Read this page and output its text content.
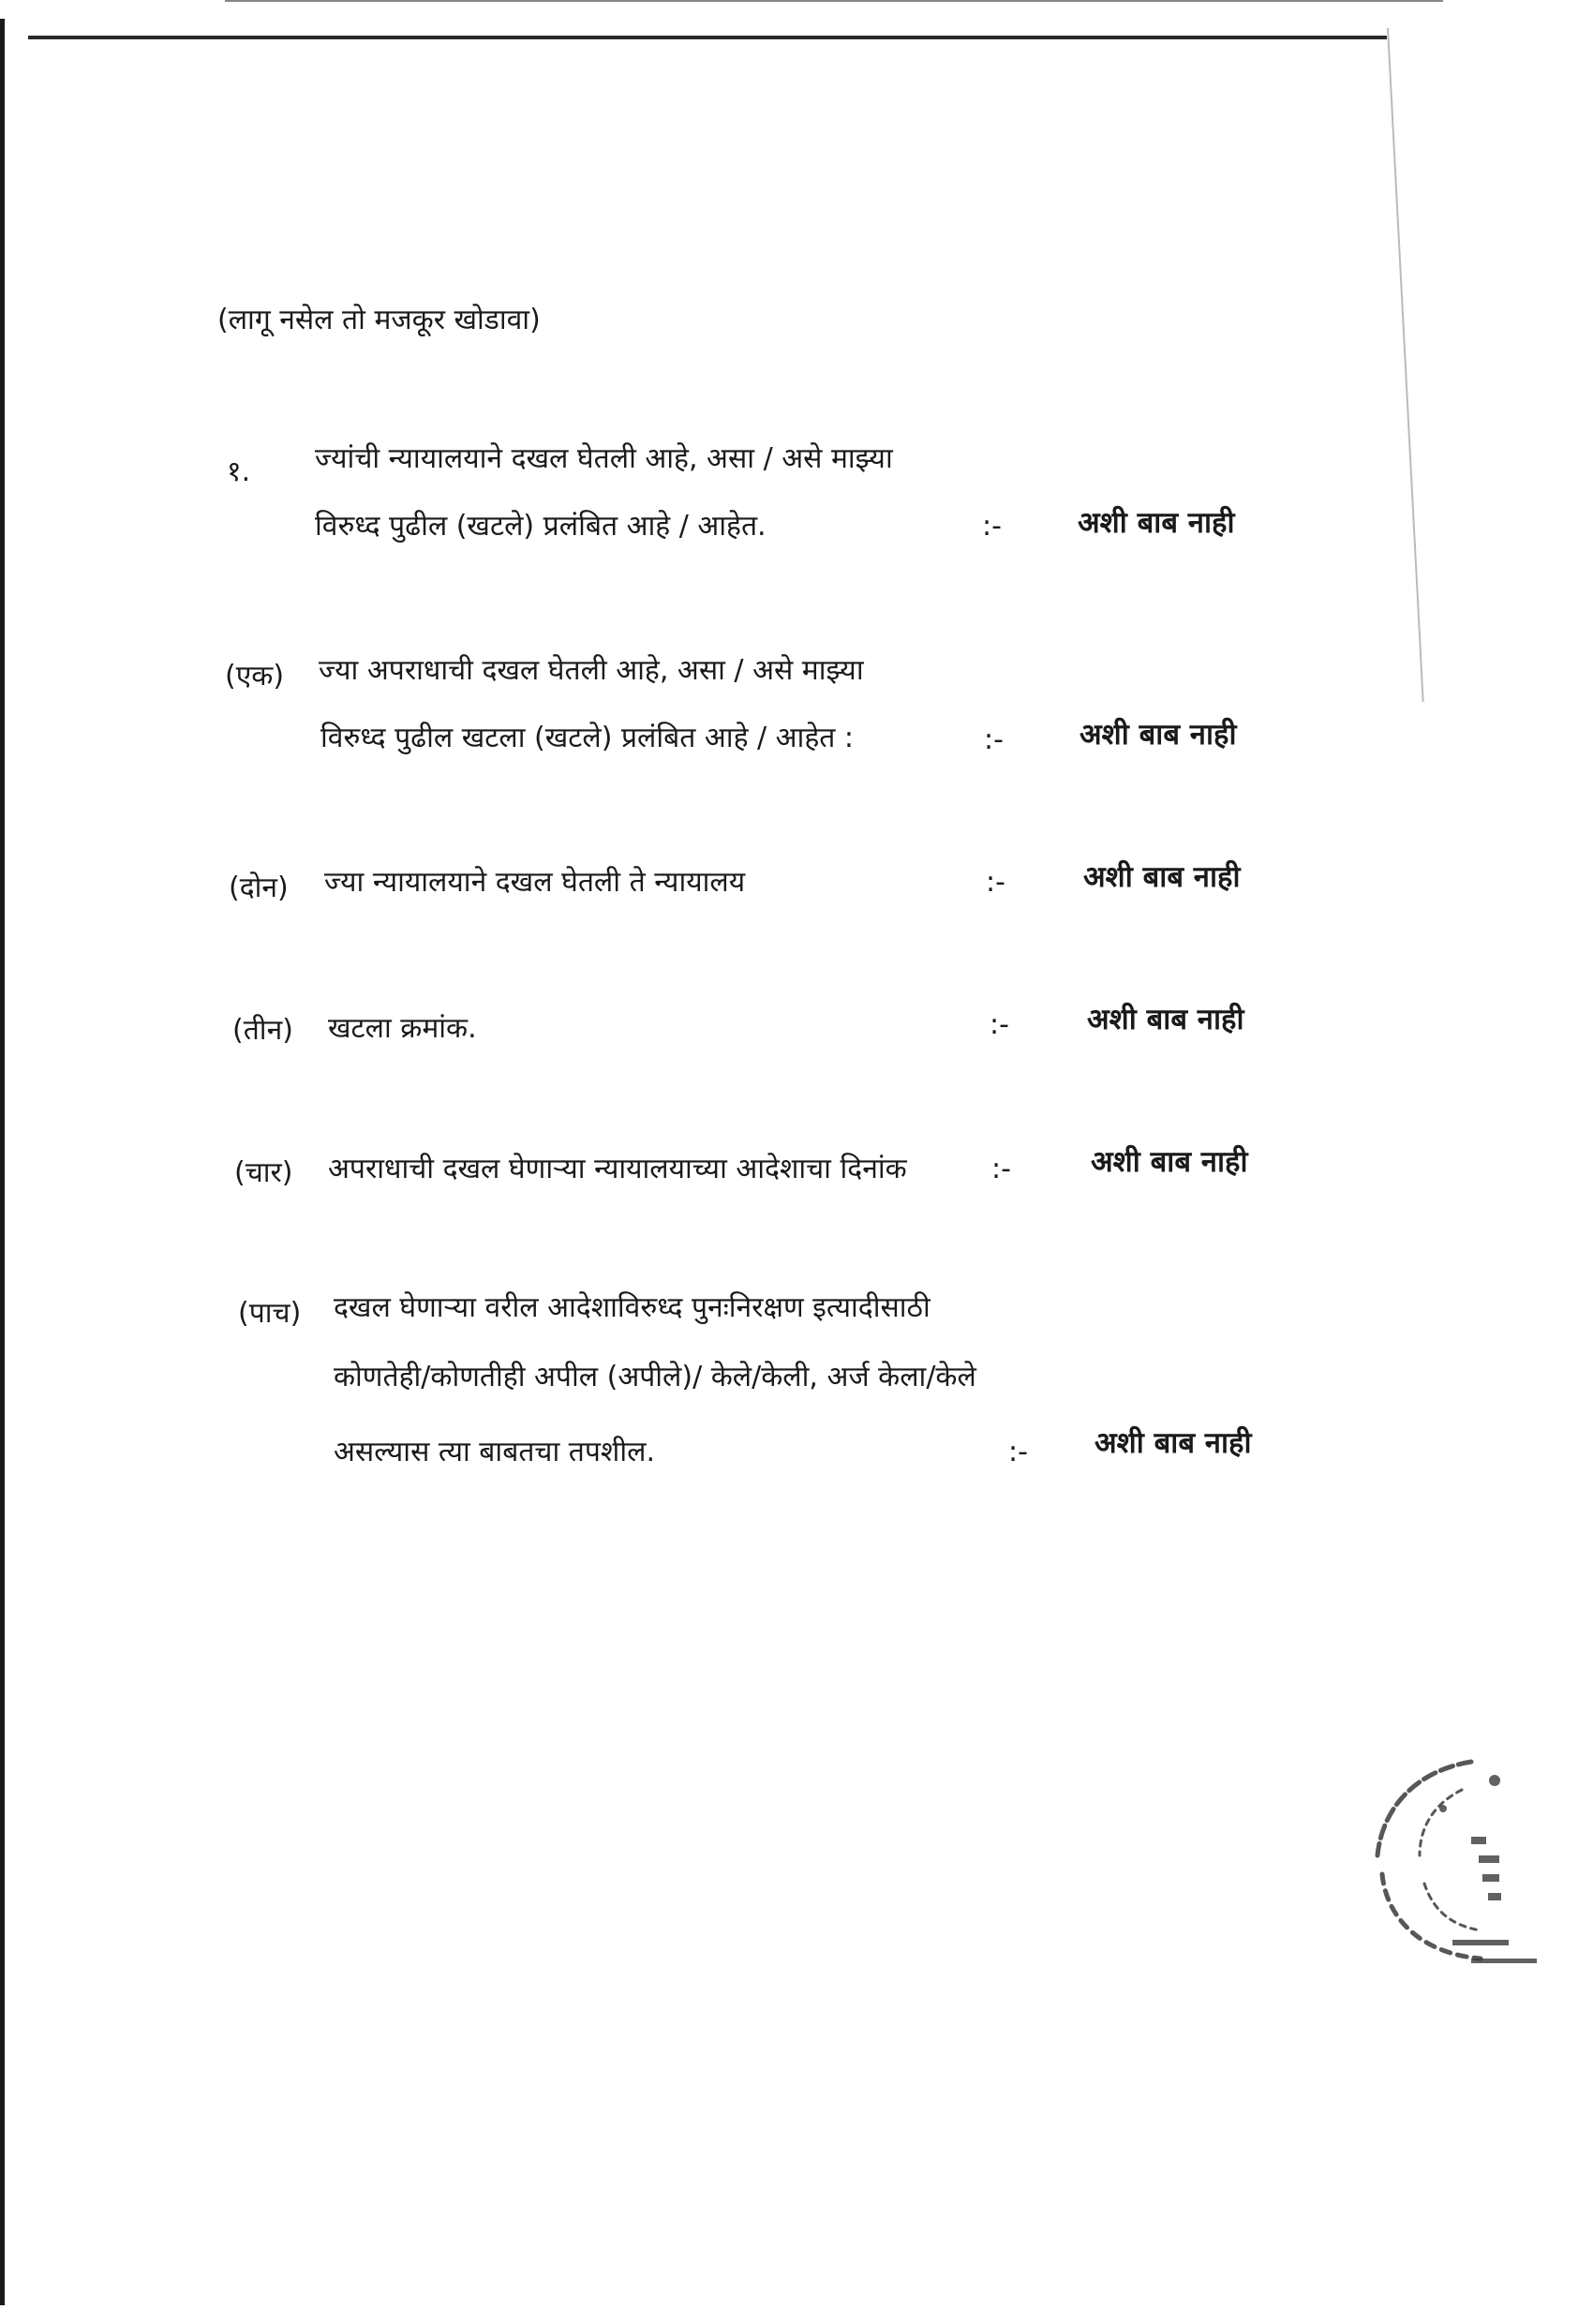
(लागू नसेल तो मजकूर खोडावा)
१. ज्यांची न्यायालयाने दखल घेतली आहे, असा / असे माझ्या
विरुध्द पुढील (खटले) प्रलंबित आहे / आहेत.	:-	अशी बाब नाही
(एक) ज्या अपराधाची दखल घेतली आहे, असा / असे माझ्या
विरुध्द पुढील खटला (खटले) प्रलंबित आहे / आहेत :	:-	अशी बाब नाही
(दोन) ज्या न्यायालयाने दखल घेतली ते न्यायालय	:-	अशी बाब नाही
(तीन) खटला क्रमांक.	:-	अशी बाब नाही
(चार) अपराधाची दखल घेणाऱ्या न्यायालयाच्या आदेशाचा दिनांक	:-	अशी बाब नाही
(पाच) दखल घेणाऱ्या वरील आदेशाविरुध्द पुनःनिरक्षण इत्यादीसाठी
कोणतेही/कोणतीही अपील (अपीले)/ केले/केली, अर्ज केला/केले
असल्यास त्या बाबतचा तपशील.	:- अशी बाब नाही
